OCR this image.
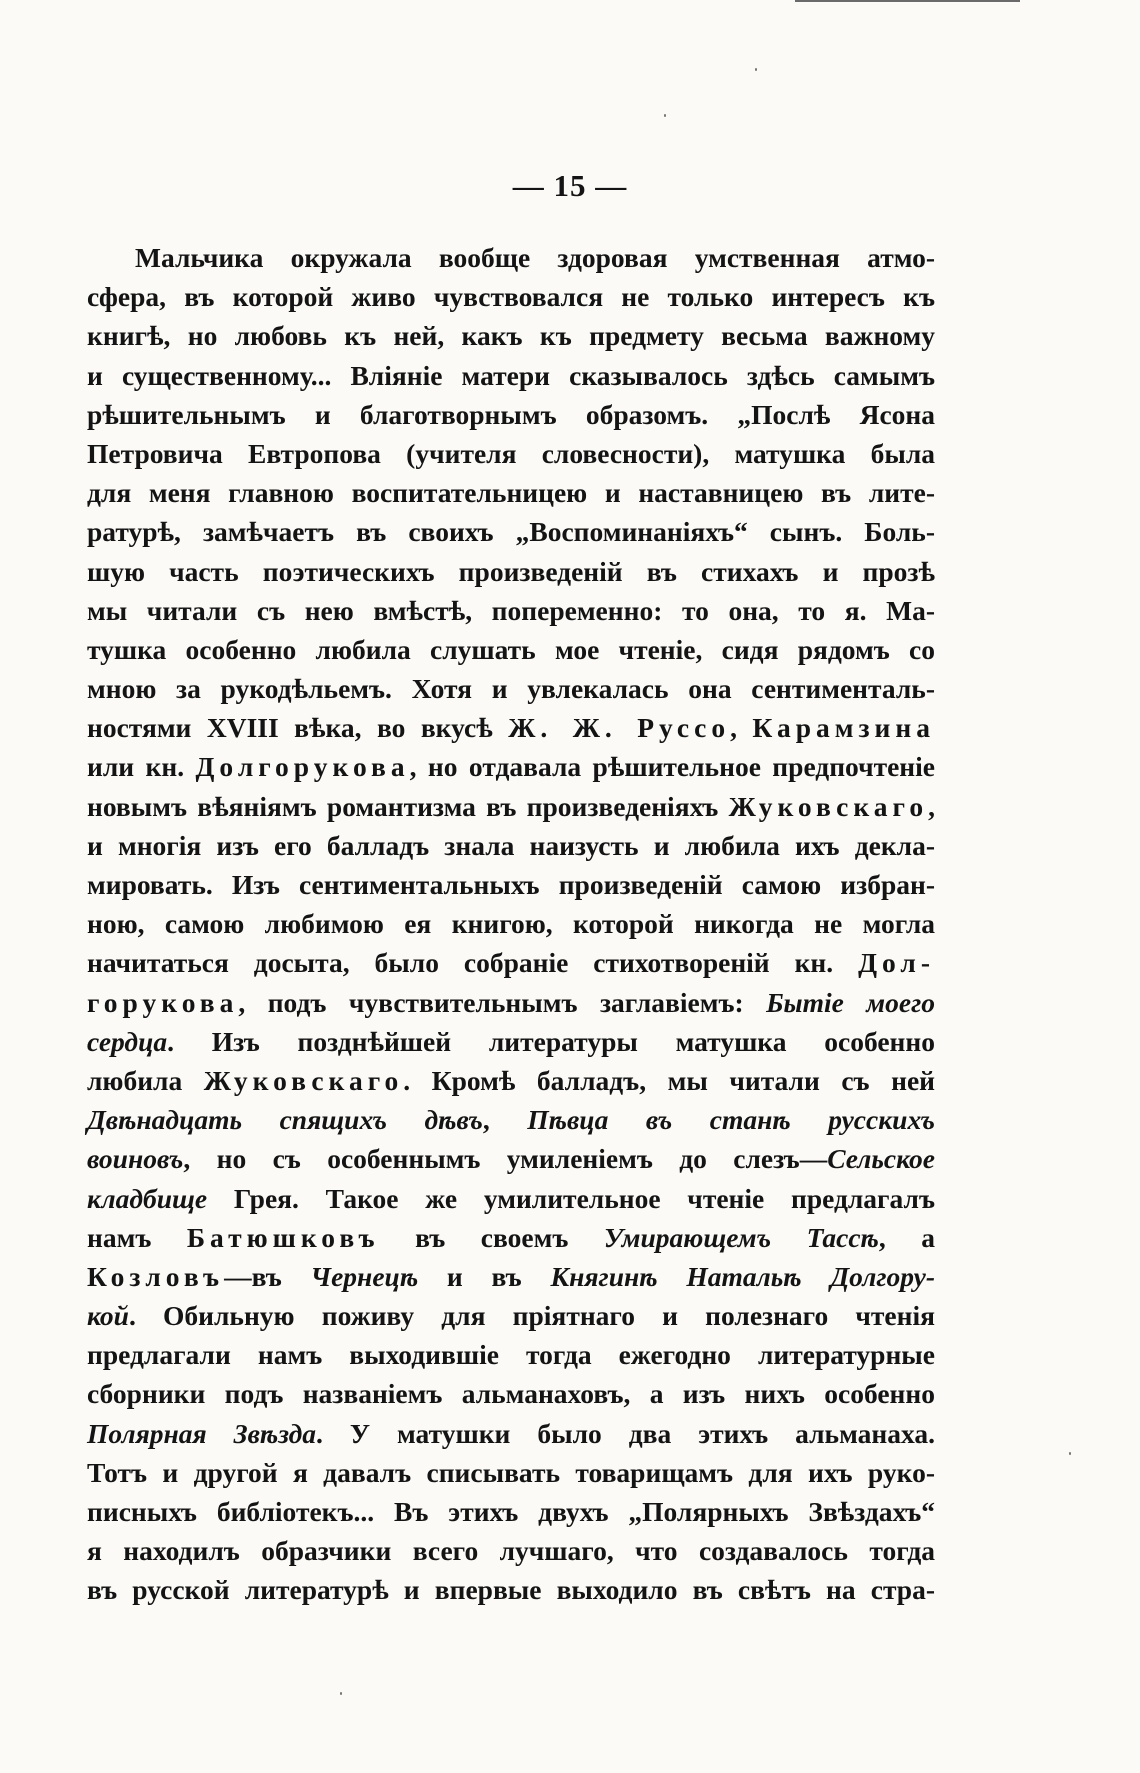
— 15 —
Мальчика окружала вообще здоровая умственная атмо-
сфера, въ которой живо чувствовался не только интересъ къ
книгѣ, но любовь къ ней, какъ къ предмету весьма важному
и существенному... Вліяніе матери сказывалось здѣсь самымъ
рѣшительнымъ и благотворнымъ образомъ. „Послѣ Ясона
Петровича Евтропова (учителя словесности), матушка была
для меня главною воспитательницею и наставницею въ лите-
ратурѣ, замѣчаетъ въ своихъ „Воспоминаніяхъ“ сынъ. Боль-
шую часть поэтическихъ произведеній въ стихахъ и прозѣ
мы читали съ нею вмѣстѣ, попеременно: то она, то я. Ма-
тушка особенно любила слушать мое чтеніе, сидя рядомъ со
мною за рукодѣльемъ. Хотя и увлекалась она сентименталь-
ностями XVIII вѣка, во вкусѣ Ж. Ж. Руссо, Карамзина
или кн. Долгорукова, но отдавала рѣшительное предпочтеніе
новымъ вѣяніямъ романтизма въ произведеніяхъ Жуковскаго,
и многія изъ его балладъ знала наизусть и любила ихъ декла-
мировать. Изъ сентиментальныхъ произведеній самою избран-
ною, самою любимою ея книгою, которой никогда не могла
начитаться досыта, было собраніе стихотвореній кн. Дол-
горукова, подъ чувствительнымъ заглавіемъ: Бытіе моего
сердца. Изъ позднѣйшей литературы матушка особенно
любила Жуковскаго. Кромѣ балладъ, мы читали съ ней
Двѣнадцать спящихъ дѣвъ, Пѣвца въ станѣ русскихъ
воиновъ, но съ особеннымъ умиленіемъ до слезъ—Сельское
кладбище Грея. Такое же умилительное чтеніе предлагалъ
намъ Батюшковъ въ своемъ Умирающемъ Тассѣ, а
Козловъ—въ Чернецѣ и въ Княгинѣ Натальѣ Долгору-
кой. Обильную поживу для пріятнаго и полезнаго чтенія
предлагали намъ выходившіе тогда ежегодно литературные
сборники подъ названіемъ альманаховъ, а изъ нихъ особенно
Полярная Звѣзда. У матушки было два этихъ альманаха.
Тотъ и другой я давалъ списывать товарищамъ для ихъ руко-
писныхъ библіотекъ... Въ этихъ двухъ „Полярныхъ Звѣздахъ“
я находилъ образчики всего лучшаго, что создавалось тогда
въ русской литературѣ и впервые выходило въ свѣтъ на стра-
